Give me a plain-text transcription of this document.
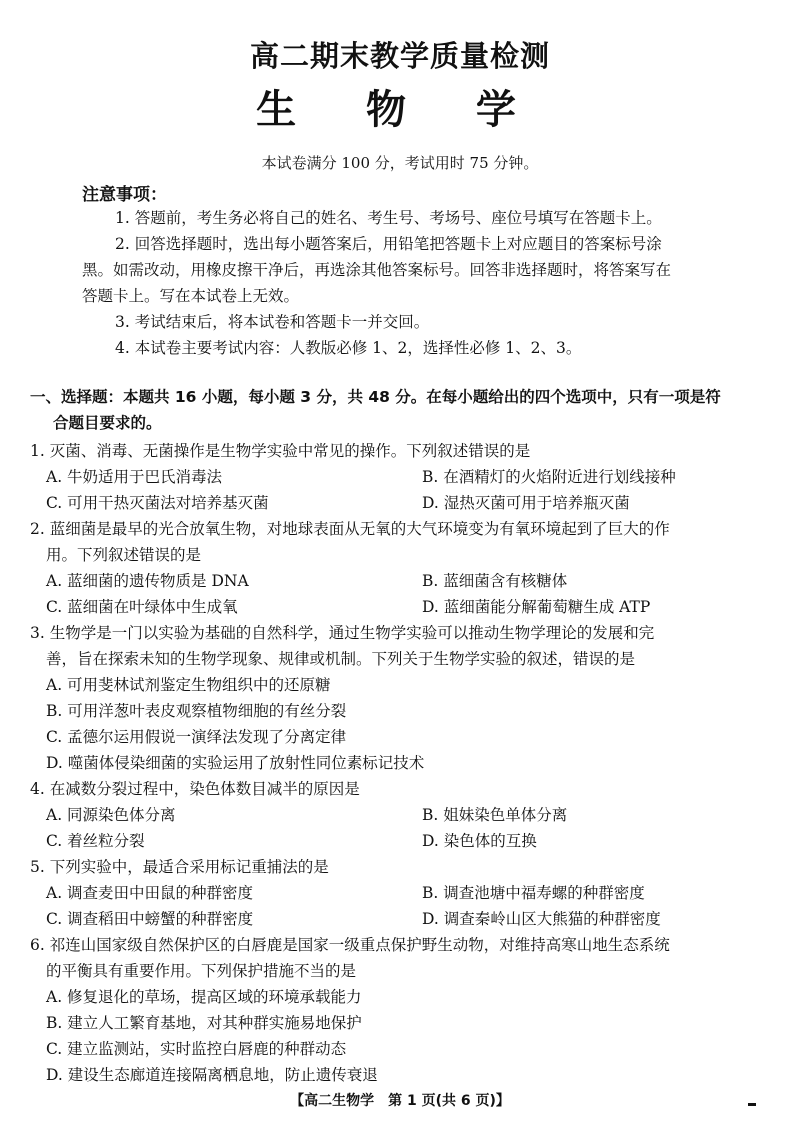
高二期末教学质量检测
生 物 学
本试卷满分 100 分，考试用时 75 分钟。
注意事项：

1. 答题前，考生务必将自己的姓名、考生号、考场号、座位号填写在答题卡上。

2. 回答选择题时，选出每小题答案后，用铅笔把答题卡上对应题目的答案标号涂

黑。如需改动，用橡皮擦干净后，再选涂其他答案标号。回答非选择题时，将答案写在

答题卡上。写在本试卷上无效。

3. 考试结束后，将本试卷和答题卡一并交回。

4. 本试卷主要考试内容：人教版必修 1、2，选择性必修 1、2、3。

一、选择题：本题共 16 小题，每小题 3 分，共 48 分。在每小题给出的四个选项中，只有一项是符
合题目要求的。
1. 灭菌、消毒、无菌操作是生物学实验中常见的操作。下列叙述错误的是
A. 牛奶适用于巴氏消毒法	B. 在酒精灯的火焰附近进行划线接种
C. 可用干热灭菌法对培养基灭菌	D. 湿热灭菌可用于培养瓶灭菌
2. 蓝细菌是最早的光合放氧生物，对地球表面从无氧的大气环境变为有氧环境起到了巨大的作
用。下列叙述错误的是
A. 蓝细菌的遗传物质是 DNA	B. 蓝细菌含有核糖体
C. 蓝细菌在叶绿体中生成氧	D. 蓝细菌能分解葡萄糖生成 ATP
3. 生物学是一门以实验为基础的自然科学，通过生物学实验可以推动生物学理论的发展和完
善，旨在探索未知的生物学现象、规律或机制。下列关于生物学实验的叙述，错误的是
A. 可用斐林试剂鉴定生物组织中的还原糖
B. 可用洋葱叶表皮观察植物细胞的有丝分裂
C. 孟德尔运用假说一演绎法发现了分离定律
D. 噬菌体侵染细菌的实验运用了放射性同位素标记技术
4. 在减数分裂过程中，染色体数目减半的原因是
A. 同源染色体分离	B. 姐妹染色单体分离
C. 着丝粒分裂	D. 染色体的互换
5. 下列实验中，最适合采用标记重捕法的是
A. 调查麦田中田鼠的种群密度	B. 调查池塘中福寿螺的种群密度
C. 调查稻田中螃蟹的种群密度	D. 调查秦岭山区大熊猫的种群密度
6. 祁连山国家级自然保护区的白唇鹿是国家一级重点保护野生动物，对维持高寒山地生态系统
的平衡具有重要作用。下列保护措施不当的是
A. 修复退化的草场，提高区域的环境承载能力
B. 建立人工繁育基地，对其种群实施易地保护
C. 建立监测站，实时监控白唇鹿的种群动态
D. 建设生态廊道连接隔离栖息地，防止遗传衰退
【高二生物学　第 1 页(共 6 页)】
